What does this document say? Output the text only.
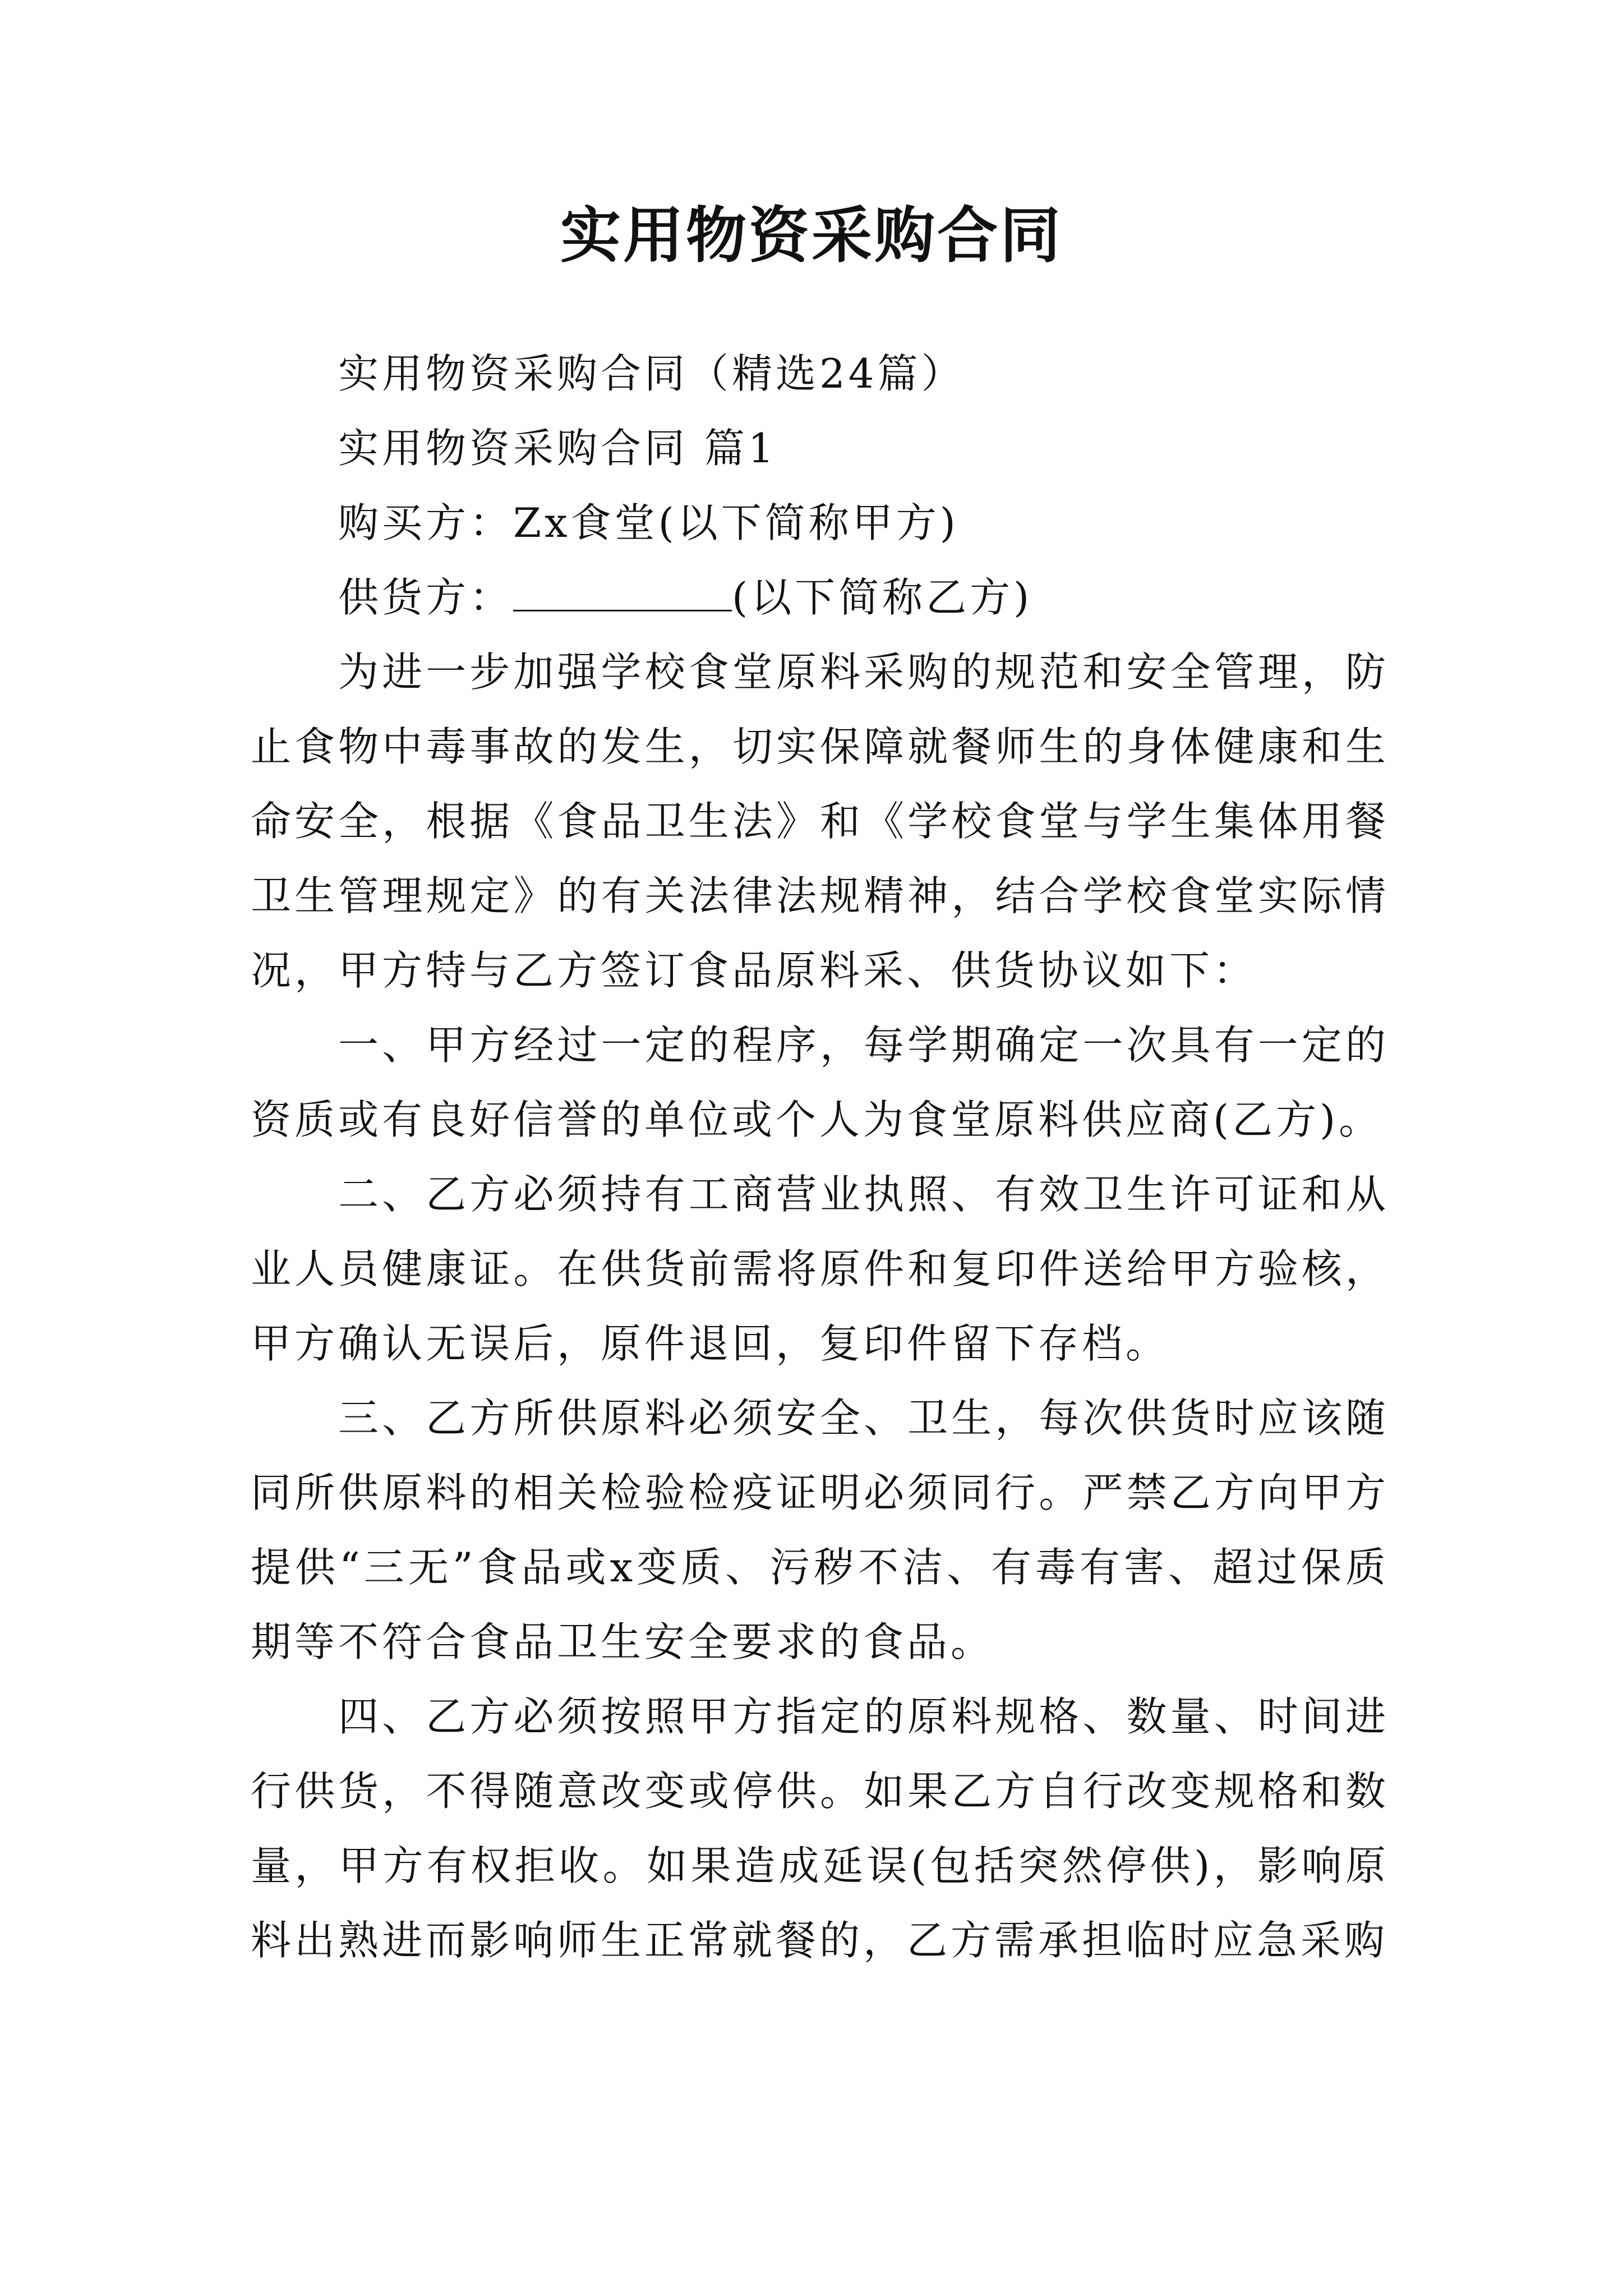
实用物资采购合同

实用物资采购合同（精选24篇）

实用物资采购合同 篇1

购买方：Zx食堂(以下简称甲方)

供货方：	(以下简称乙方)

为进一步加强学校食堂原料采购的规范和安全管理，防止食物中毒事故的发生，切实保障就餐师生的身体健康和生命安全，根据《食品卫生法》和《学校食堂与学生集体用餐卫生管理规定》的有关法律法规精神，结合学校食堂实际情况，甲方特与乙方签订食品原料采、供货协议如下：

一、甲方经过一定的程序，每学期确定一次具有一定的资质或有良好信誉的单位或个人为食堂原料供应商(乙方)。

二、乙方必须持有工商营业执照、有效卫生许可证和从业人员健康证。在供货前需将原件和复印件送给甲方验核，甲方确认无误后，原件退回，复印件留下存档。

三、乙方所供原料必须安全、卫生，每次供货时应该随同所供原料的相关检验检疫证明必须同行。严禁乙方向甲方提供“三无”食品或x变质、污秽不洁、有毒有害、超过保质期等不符合食品卫生安全要求的食品。

四、乙方必须按照甲方指定的原料规格、数量、时间进行供货，不得随意改变或停供。如果乙方自行改变规格和数量，甲方有权拒收。如果造成延误(包括突然停供)，影响原料出熟进而影响师生正常就餐的，乙方需承担临时应急采购
